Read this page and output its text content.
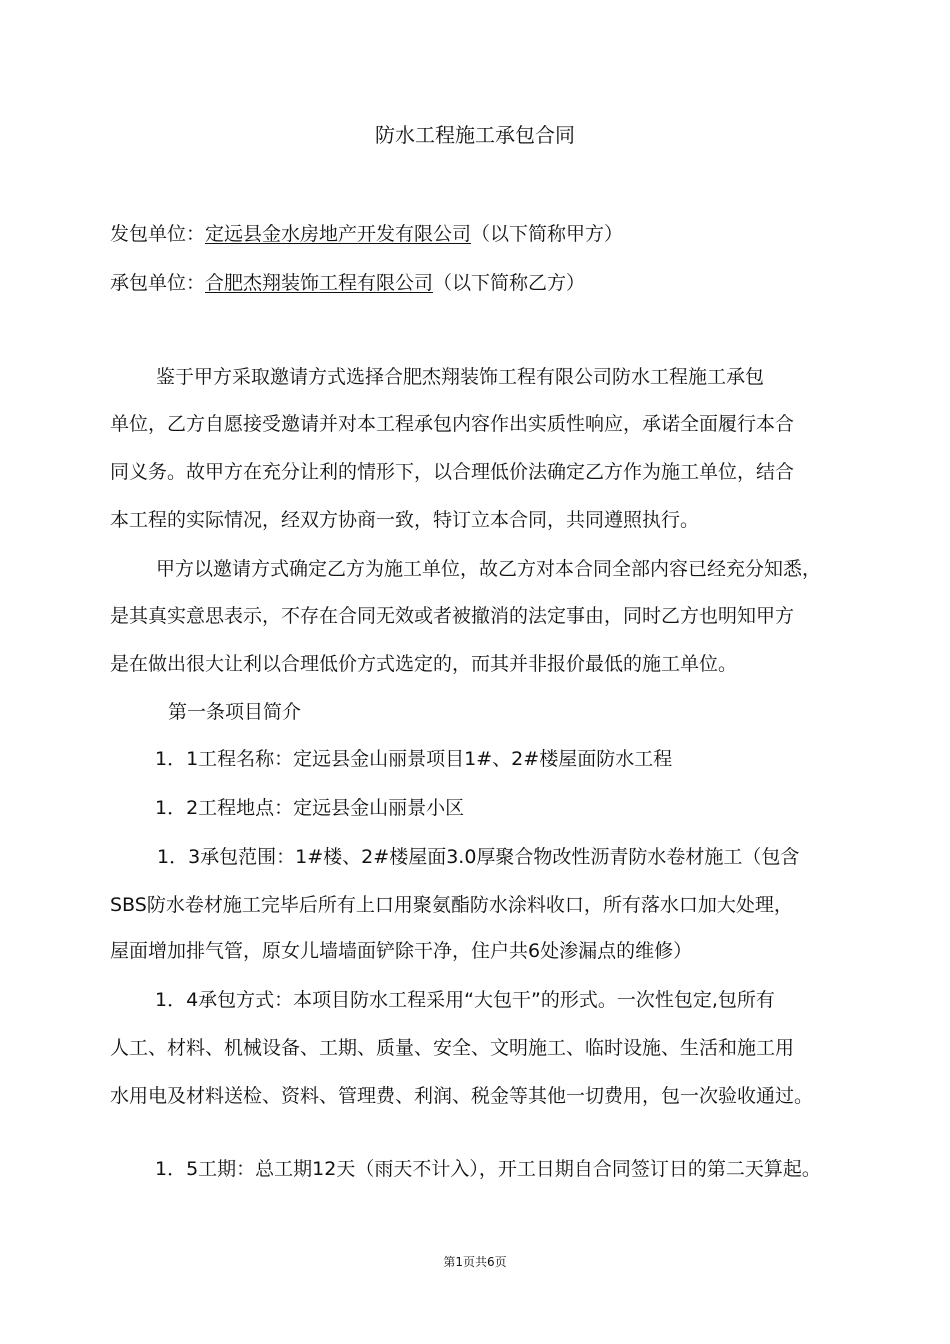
防水工程施工承包合同
发包单位：定远县金水房地产开发有限公司（以下简称甲方）
承包单位：合肥杰翔装饰工程有限公司（以下简称乙方）
鉴于甲方采取邀请方式选择合肥杰翔装饰工程有限公司防水工程施工承包
单位，乙方自愿接受邀请并对本工程承包内容作出实质性响应，承诺全面履行本合
同义务。故甲方在充分让利的情形下，以合理低价法确定乙方作为施工单位，结合
本工程的实际情况，经双方协商一致，特订立本合同，共同遵照执行。
甲方以邀请方式确定乙方为施工单位，故乙方对本合同全部内容已经充分知悉，
是其真实意思表示，不存在合同无效或者被撤消的法定事由，同时乙方也明知甲方
是在做出很大让利以合理低价方式选定的，而其并非报价最低的施工单位。
第一条项目简介
1．1工程名称：定远县金山丽景项目1#、2#楼屋面防水工程
1．2工程地点：定远县金山丽景小区
1．3承包范围：1#楼、2#楼屋面3.0厚聚合物改性沥青防水卷材施工（包含
SBS防水卷材施工完毕后所有上口用聚氨酯防水涂料收口，所有落水口加大处理，
屋面增加排气管，原女儿墙墙面铲除干净，住户共6处渗漏点的维修）
1．4承包方式：本项目防水工程采用“大包干”的形式。一次性包定,包所有
人工、材料、机械设备、工期、质量、安全、文明施工、临时设施、生活和施工用
水用电及材料送检、资料、管理费、利润、税金等其他一切费用，包一次验收通过。
1．5工期：总工期12天（雨天不计入），开工日期自合同签订日的第二天算起。
第1页共6页
